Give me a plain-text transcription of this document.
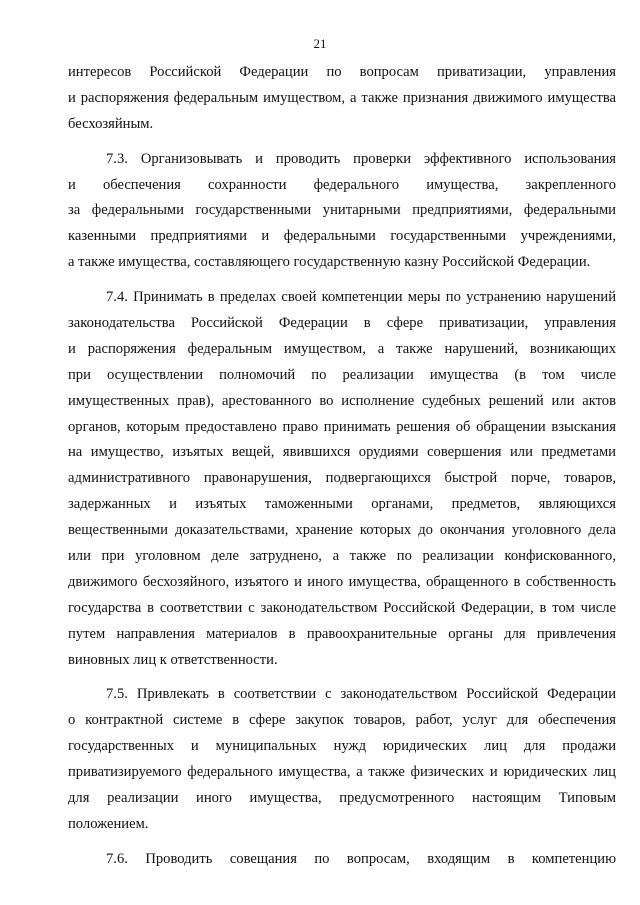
21
интересов Российской Федерации по вопросам приватизации, управления
и распоряжения федеральным имуществом, а также признания движимого имущества
бесхозяйным.
7.3. Организовывать и проводить проверки эффективного использования
и обеспечения сохранности федерального имущества, закрепленного
за федеральными государственными унитарными предприятиями, федеральными
казенными предприятиями и федеральными государственными учреждениями,
а также имущества, составляющего государственную казну Российской Федерации.
7.4. Принимать в пределах своей компетенции меры по устранению нарушений
законодательства Российской Федерации в сфере приватизации, управления
и распоряжения федеральным имуществом, а также нарушений, возникающих
при осуществлении полномочий по реализации имущества (в том числе
имущественных прав), арестованного во исполнение судебных решений или актов
органов, которым предоставлено право принимать решения об обращении взыскания
на имущество, изъятых вещей, явившихся орудиями совершения или предметами
административного правонарушения, подвергающихся быстрой порче, товаров,
задержанных и изъятых таможенными органами, предметов, являющихся
вещественными доказательствами, хранение которых до окончания уголовного дела
или при уголовном деле затруднено, а также по реализации конфискованного,
движимого бесхозяйного, изъятого и иного имущества, обращенного в собственность
государства в соответствии с законодательством Российской Федерации, в том числе
путем направления материалов в правоохранительные органы для привлечения
виновных лиц к ответственности.
7.5. Привлекать в соответствии с законодательством Российской Федерации
о контрактной системе в сфере закупок товаров, работ, услуг для обеспечения
государственных и муниципальных нужд юридических лиц для продажи
приватизируемого федерального имущества, а также физических и юридических лиц
для реализации иного имущества, предусмотренного настоящим Типовым
положением.
7.6. Проводить совещания по вопросам, входящим в компетенцию
